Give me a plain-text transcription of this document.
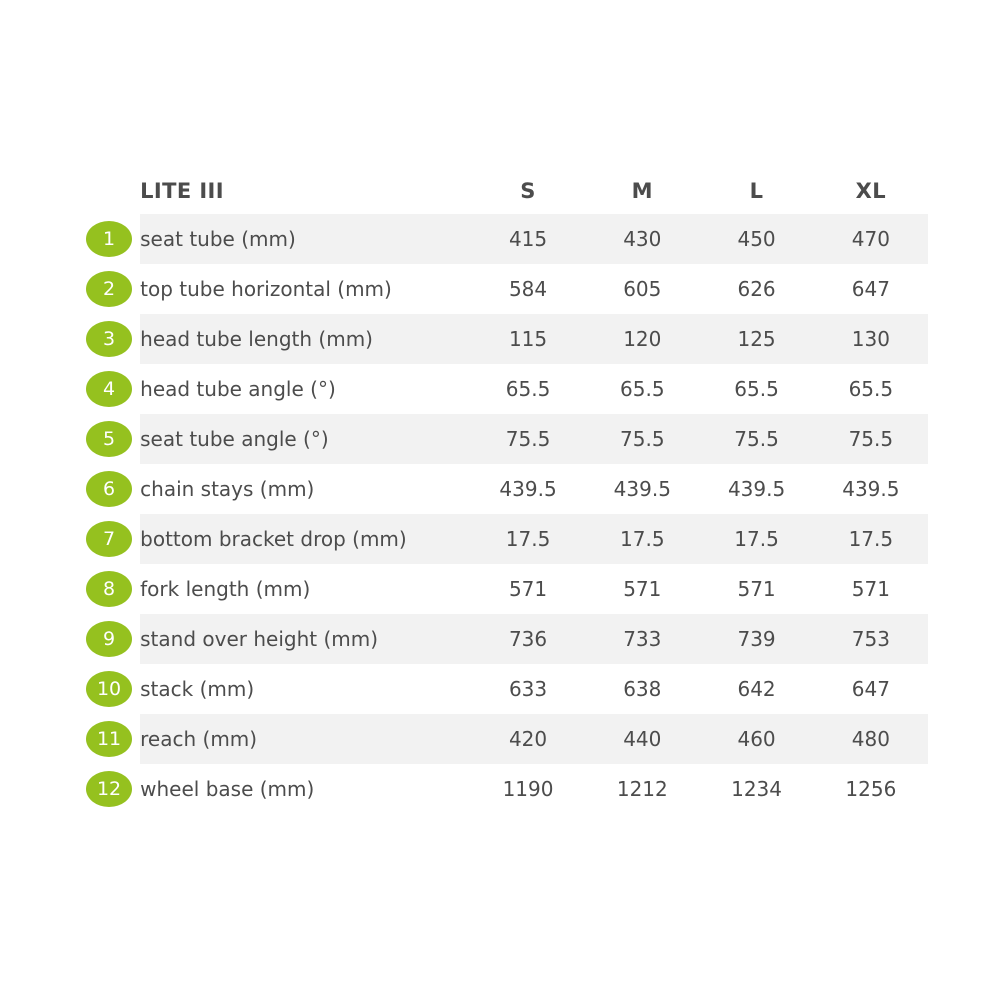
	LITE III	S	M	L	XL
1	seat tube (mm)	415	430	450	470
2	top tube horizontal (mm)	584	605	626	647
3	head tube length (mm)	115	120	125	130
4	head tube angle (°)	65.5	65.5	65.5	65.5
5	seat tube angle (°)	75.5	75.5	75.5	75.5
6	chain stays (mm)	439.5	439.5	439.5	439.5
7	bottom bracket drop (mm)	17.5	17.5	17.5	17.5
8	fork length (mm)	571	571	571	571
9	stand over height (mm)	736	733	739	753
10	stack (mm)	633	638	642	647
11	reach (mm)	420	440	460	480
12	wheel base (mm)	1190	1212	1234	1256
